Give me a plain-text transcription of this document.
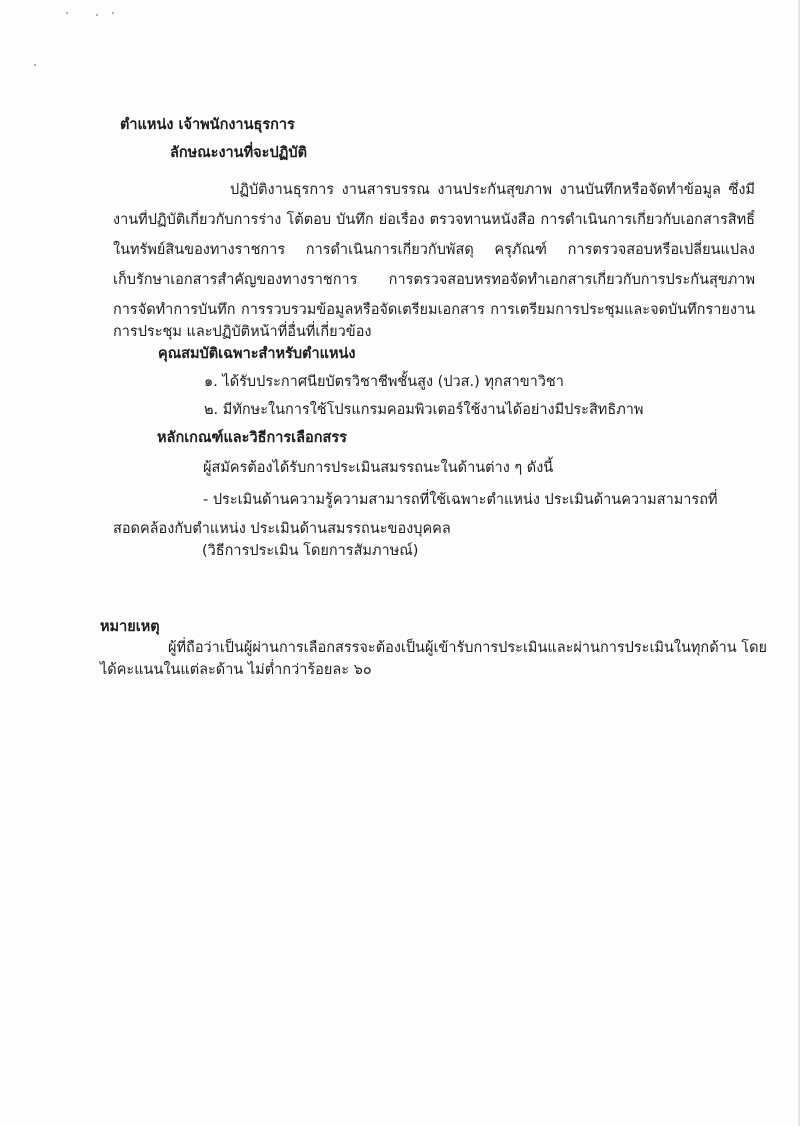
ตำแหน่ง เจ้าพนักงานธุรการ
ลักษณะงานที่จะปฏิบัติ
ปฏิบัติงานธุรการ งานสารบรรณ งานประกันสุขภาพ งานบันทึกหรือจัดทำข้อมูล ซึ่งมี
งานที่ปฏิบัติเกี่ยวกับการร่าง โต้ตอบ บันทึก ย่อเรื่อง ตรวจทานหนังสือ การดำเนินการเกี่ยวกับเอกสารสิทธิ์
ในทรัพย์สินของทางราชการ การดำเนินการเกี่ยวกับพัสดุ ครุภัณฑ์ การตรวจสอบหรือเปลี่ยนแปลง
เก็บรักษาเอกสารสำคัญของทางราชการ การตรวจสอบหรทอจัดทำเอกสารเกี่ยวกับการประกันสุขภาพ
การจัดทำการบันทึก การรวบรวมข้อมูลหรือจัดเตรียมเอกสาร การเตรียมการประชุมและจดบันทึกรายงาน
การประชุม และปฏิบัติหน้าที่อื่นที่เกี่ยวข้อง
คุณสมบัติเฉพาะสำหรับตำแหน่ง
๑. ได้รับประกาศนียบัตรวิชาชีพชั้นสูง (ปวส.) ทุกสาขาวิชา
๒. มีทักษะในการใช้โปรแกรมคอมพิวเตอร์ใช้งานได้อย่างมีประสิทธิภาพ
หลักเกณฑ์และวิธีการเลือกสรร
ผู้สมัครต้องได้รับการประเมินสมรรถนะในด้านต่าง ๆ ดังนี้
- ประเมินด้านความรู้ความสามารถที่ใช้เฉพาะตำแหน่ง ประเมินด้านความสามารถที่
สอดคล้องกับตำแหน่ง ประเมินด้านสมรรถนะของบุคคล
(วิธีการประเมิน โดยการสัมภาษณ์)
หมายเหตุ
ผู้ที่ถือว่าเป็นผู้ผ่านการเลือกสรรจะต้องเป็นผู้เข้ารับการประเมินและผ่านการประเมินในทุกด้าน โดย
ได้คะแนนในแต่ละด้าน ไม่ต่ำกว่าร้อยละ ๖๐
